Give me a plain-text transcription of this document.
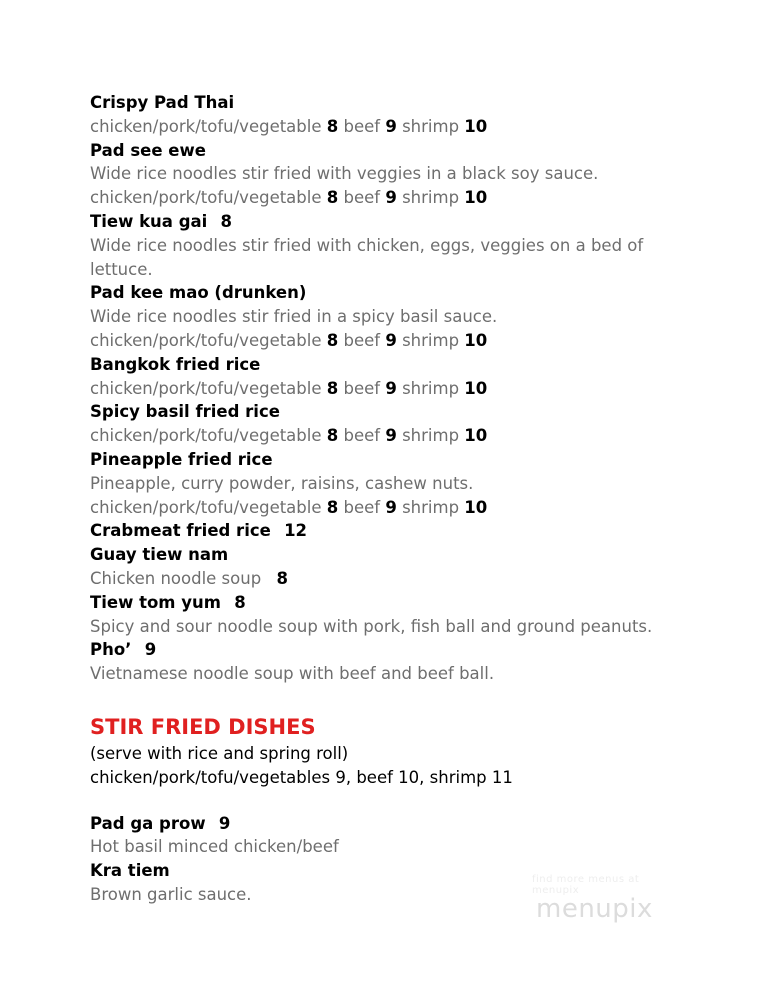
Crispy Pad Thai
chicken/pork/tofu/vegetable 8 beef 9 shrimp 10
Pad see ewe
Wide rice noodles stir fried with veggies in a black soy sauce.
chicken/pork/tofu/vegetable 8 beef 9 shrimp 10
Tiew kua gai 8
Wide rice noodles stir fried with chicken, eggs, veggies on a bed of
lettuce.
Pad kee mao (drunken)
Wide rice noodles stir fried in a spicy basil sauce.
chicken/pork/tofu/vegetable 8 beef 9 shrimp 10
Bangkok fried rice
chicken/pork/tofu/vegetable 8 beef 9 shrimp 10
Spicy basil fried rice
chicken/pork/tofu/vegetable 8 beef 9 shrimp 10
Pineapple fried rice
Pineapple, curry powder, raisins, cashew nuts.
chicken/pork/tofu/vegetable 8 beef 9 shrimp 10
Crabmeat fried rice 12
Guay tiew nam
Chicken noodle soup 8
Tiew tom yum 8
Spicy and sour noodle soup with pork, fish ball and ground peanuts.
Pho’ 9
Vietnamese noodle soup with beef and beef ball.
STIR FRIED DISHES
(serve with rice and spring roll)
chicken/pork/tofu/vegetables 9, beef 10, shrimp 11
Pad ga prow 9
Hot basil minced chicken/beef
Kra tiem
Brown garlic sauce.
find more menus at menupix
menupix
